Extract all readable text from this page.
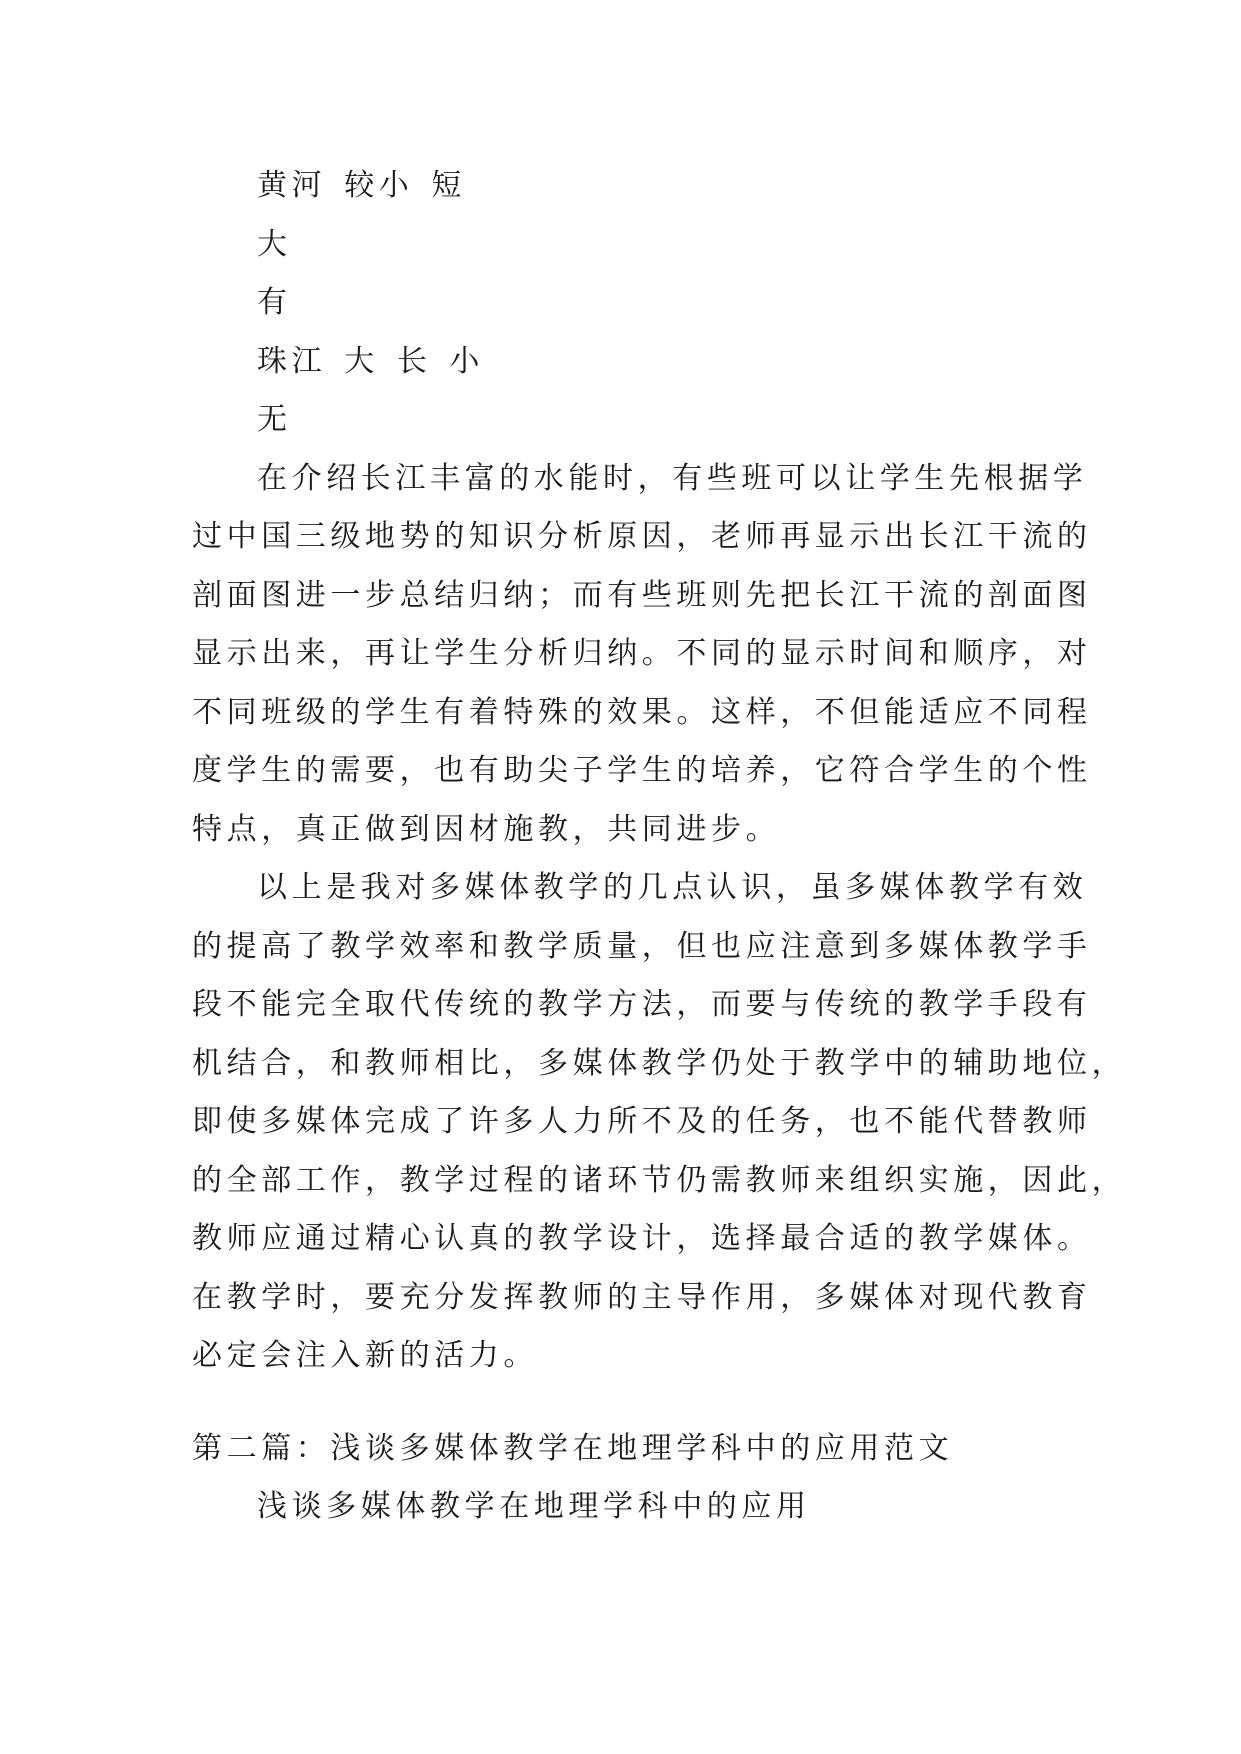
黄河 较小 短
大
有
珠江 大 长 小
无

在介绍长江丰富的水能时，有些班可以让学生先根据学
过中国三级地势的知识分析原因，老师再显示出长江干流的
剖面图进一步总结归纳；而有些班则先把长江干流的剖面图
显示出来，再让学生分析归纳。不同的显示时间和顺序，对
不同班级的学生有着特殊的效果。这样，不但能适应不同程
度学生的需要，也有助尖子学生的培养，它符合学生的个性
特点，真正做到因材施教，共同进步。

以上是我对多媒体教学的几点认识，虽多媒体教学有效
的提高了教学效率和教学质量，但也应注意到多媒体教学手
段不能完全取代传统的教学方法，而要与传统的教学手段有
机结合，和教师相比，多媒体教学仍处于教学中的辅助地位，
即使多媒体完成了许多人力所不及的任务，也不能代替教师
的全部工作，教学过程的诸环节仍需教师来组织实施，因此，
教师应通过精心认真的教学设计，选择最合适的教学媒体。
在教学时，要充分发挥教师的主导作用，多媒体对现代教育
必定会注入新的活力。

第二篇：浅谈多媒体教学在地理学科中的应用范文
浅谈多媒体教学在地理学科中的应用
